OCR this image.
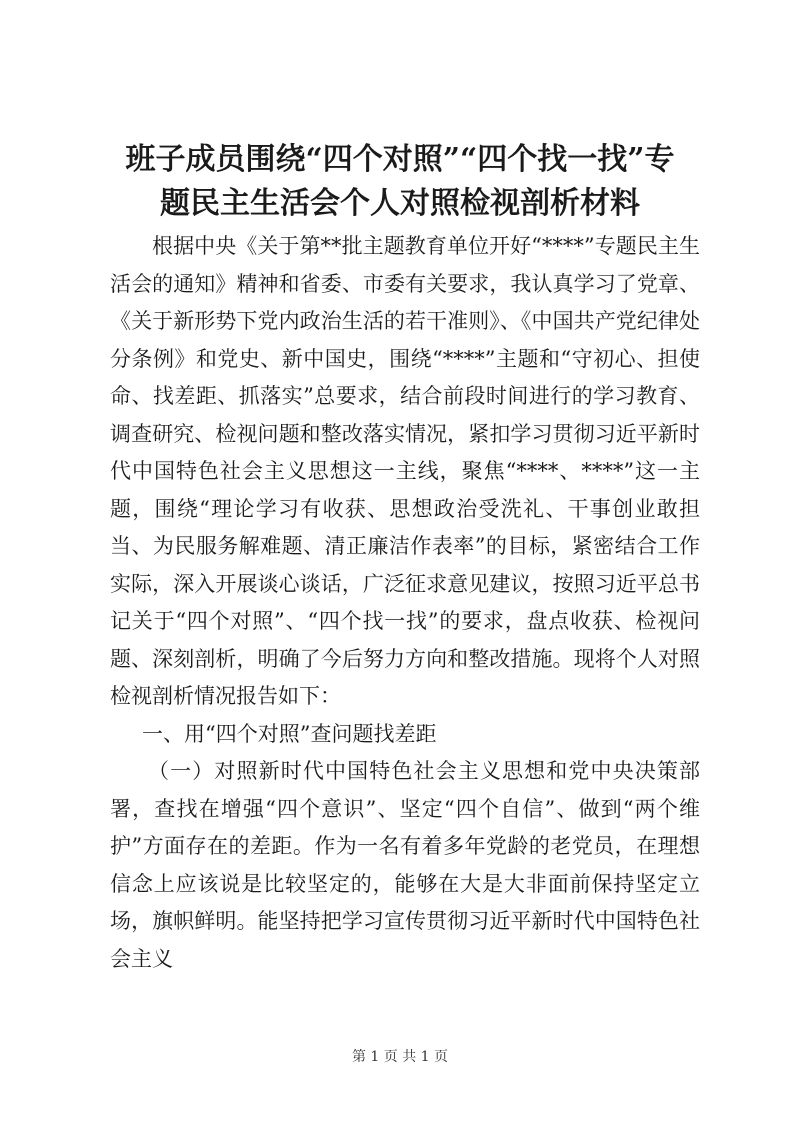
班子成员围绕“四个对照”“四个找一找”专
题民主生活会个人对照检视剖析材料

根据中央《关于第**批主题教育单位开好“****”专题民主生活会的通知》精神和省委、市委有关要求，我认真学习了党章、《关于新形势下党内政治生活的若干准则》、《中国共产党纪律处分条例》和党史、新中国史，围绕“****”主题和“守初心、担使命、找差距、抓落实”总要求，结合前段时间进行的学习教育、调查研究、检视问题和整改落实情况，紧扣学习贯彻习近平新时代中国特色社会主义思想这一主线，聚焦“****、****”这一主题，围绕“理论学习有收获、思想政治受洗礼、干事创业敢担当、为民服务解难题、清正廉洁作表率”的目标，紧密结合工作实际，深入开展谈心谈话，广泛征求意见建议，按照习近平总书记关于“四个对照”、“四个找一找”的要求，盘点收获、检视问题、深刻剖析，明确了今后努力方向和整改措施。现将个人对照检视剖析情况报告如下：

一、用“四个对照”查问题找差距

（一）对照新时代中国特色社会主义思想和党中央决策部署，查找在增强“四个意识”、坚定“四个自信”、做到“两个维护”方面存在的差距。作为一名有着多年党龄的老党员，在理想信念上应该说是比较坚定的，能够在大是大非面前保持坚定立场，旗帜鲜明。能坚持把学习宣传贯彻习近平新时代中国特色社会主义

第 1 页 共 1 页
